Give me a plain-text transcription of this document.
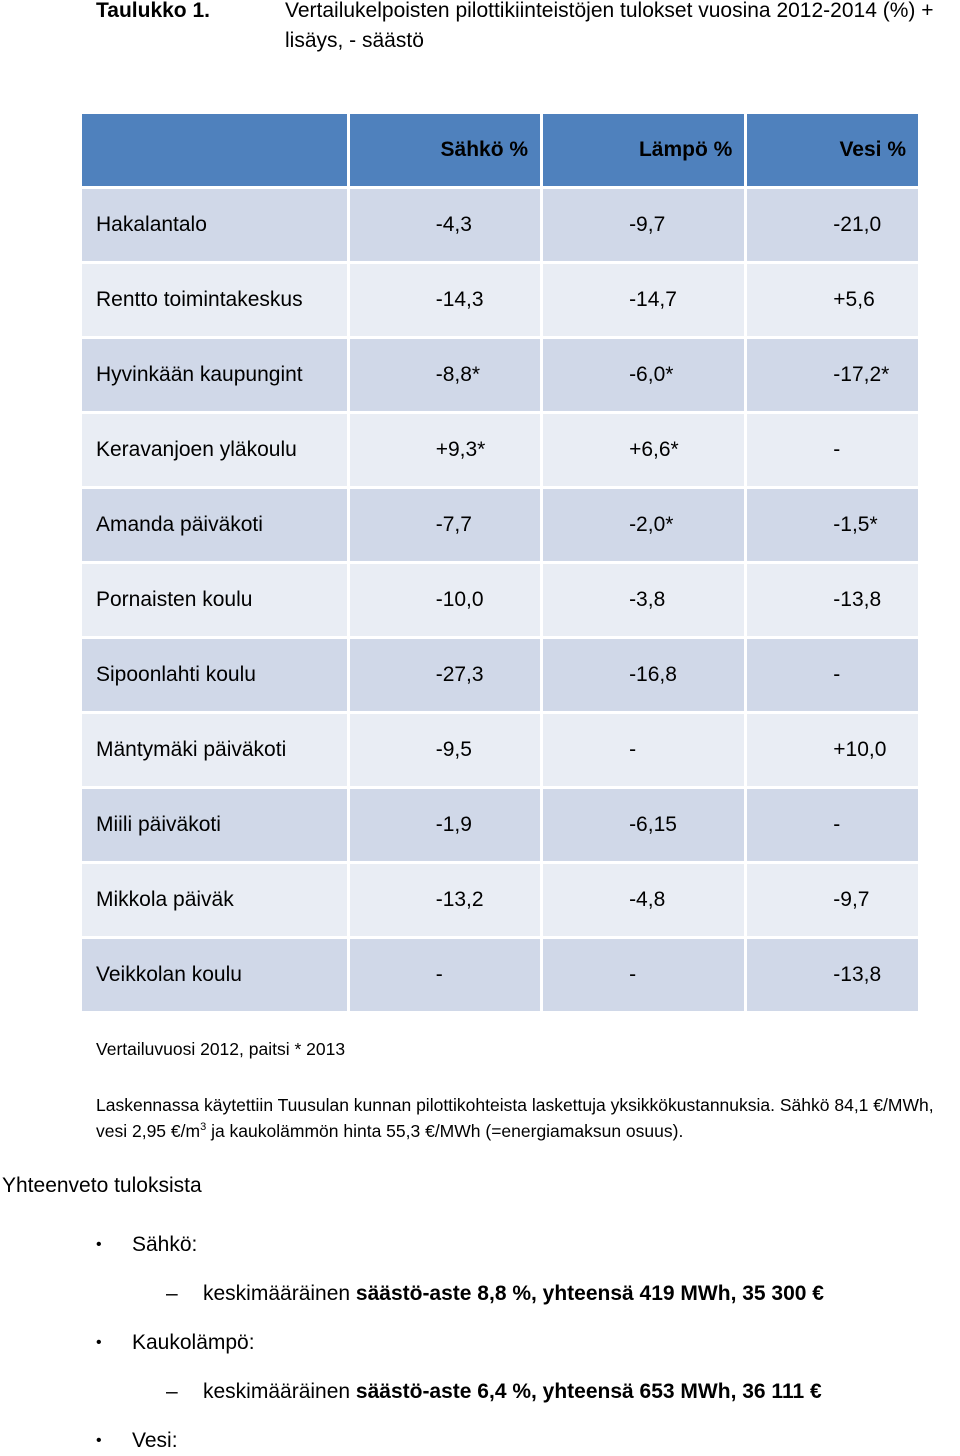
Taulukko 1.	Vertailukelpoisten pilottikiinteistöjen tulokset vuosina 2012-2014 (%) + lisäys, - säästö
	Sähkö %	Lämpö %	Vesi %
Hakalantalo	-4,3	-9,7	-21,0
Rentto toimintakeskus	-14,3	-14,7	+5,6
Hyvinkään kaupungint	-8,8*	-6,0*	-17,2*
Keravanjoen yläkoulu	+9,3*	+6,6*	-
Amanda päiväkoti	-7,7	-2,0*	-1,5*
Pornaisten koulu	-10,0	-3,8	-13,8
Sipoonlahti koulu	-27,3	-16,8	-
Mäntymäki päiväkoti	-9,5	-	+10,0
Miili päiväkoti	-1,9	-6,15	-
Mikkola päiväk	-13,2	-4,8	-9,7
Veikkolan koulu	-	-	-13,8
Vertailuvuosi 2012, paitsi * 2013
Laskennassa käytettiin Tuusulan kunnan pilottikohteista laskettuja yksikkökustannuksia. Sähkö 84,1 €/MWh, vesi 2,95 $€/m^3$ ja kaukolämmön hinta 55,3 €/MWh (=energiamaksun osuus).
Yhteenveto tuloksista
• Sähkö:
– keskimääräinen säästö-aste 8,8 %, yhteensä 419 MWh, 35 300 €
• Kaukolämpö:
– keskimääräinen säästö-aste 6,4 %, yhteensä 653 MWh, 36 111 €
• Vesi:
